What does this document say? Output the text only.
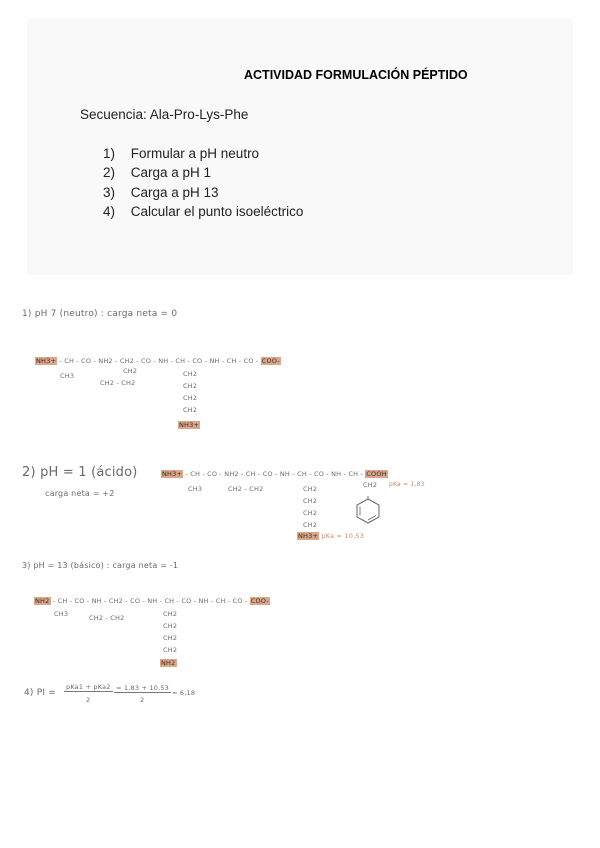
ACTIVIDAD FORMULACIÓN PÉPTIDO
Secuencia: Ala-Pro-Lys-Phe
1) Formular a pH neutro
2) Carga a pH 1
3) Carga a pH 13
4) Calcular el punto isoeléctrico
1) pH 7 (neutro) : carga neta = 0
NH3+ - CH - CO - NH2 - CH2 - CO - NH - CH - CO - NH - CH - CO - COO-
CH3
CH2
CH2 - CH2
CH2
CH2
CH2
CH2
NH3+
2) pH = 1 (ácido)
carga neta = +2
NH3+ - CH - CO - NH2 - CH - CO - NH - CH - CO - NH - CH - COOH
pKa = 1,83
CH3	CH2 - CH2	CH2
CH2
CH2
CH2
CH2
NH3+ pKa = 10,53
3) pH = 13 (básico) : carga neta = -1
NH2 - CH - CO - NH - CH2 - CO - NH - CH - CO - NH - CH - CO - COO-
CH3	CH2 - CH2	CH2
CH2
CH2
CH2
NH2
4) PI =
pKa1 + pKa2
2
= 1,83 + 10,53
2
= 6,18
